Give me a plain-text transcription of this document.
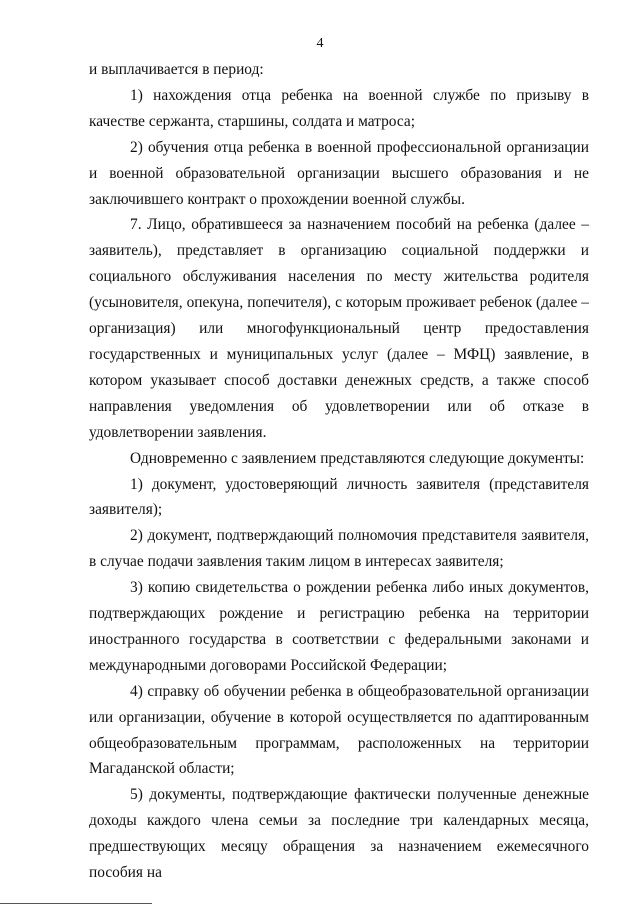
4

и выплачивается в период:

1) нахождения отца ребенка на военной службе по призыву в качестве сержанта, старшины, солдата и матроса;

2) обучения отца ребенка в военной профессиональной организации и военной образовательной организации высшего образования и не заключившего контракт о прохождении военной службы.

7. Лицо, обратившееся за назначением пособий на ребенка (далее – заявитель), представляет в организацию социальной поддержки и социального обслуживания населения по месту жительства родителя (усыновителя, опекуна, попечителя), с которым проживает ребенок (далее – организация) или многофункциональный центр предоставления государственных и муниципальных услуг (далее – МФЦ) заявление, в котором указывает способ доставки денежных средств, а также способ направления уведомления об удовлетворении или об отказе в удовлетворении заявления.

Одновременно с заявлением представляются следующие документы:

1) документ, удостоверяющий личность заявителя (представителя заявителя);

2) документ, подтверждающий полномочия представителя заявителя, в случае подачи заявления таким лицом в интересах заявителя;

3) копию свидетельства о рождении ребенка либо иных документов, подтверждающих рождение и регистрацию ребенка на территории иностранного государства в соответствии с федеральными законами и международными договорами Российской Федерации;

4) справку об обучении ребенка в общеобразовательной организации или организации, обучение в которой осуществляется по адаптированным общеобразовательным программам, расположенных на территории Магаданской области;

5) документы, подтверждающие фактически полученные денежные доходы каждого члена семьи за последние три календарных месяца, предшествующих месяцу обращения за назначением ежемесячного пособия на
